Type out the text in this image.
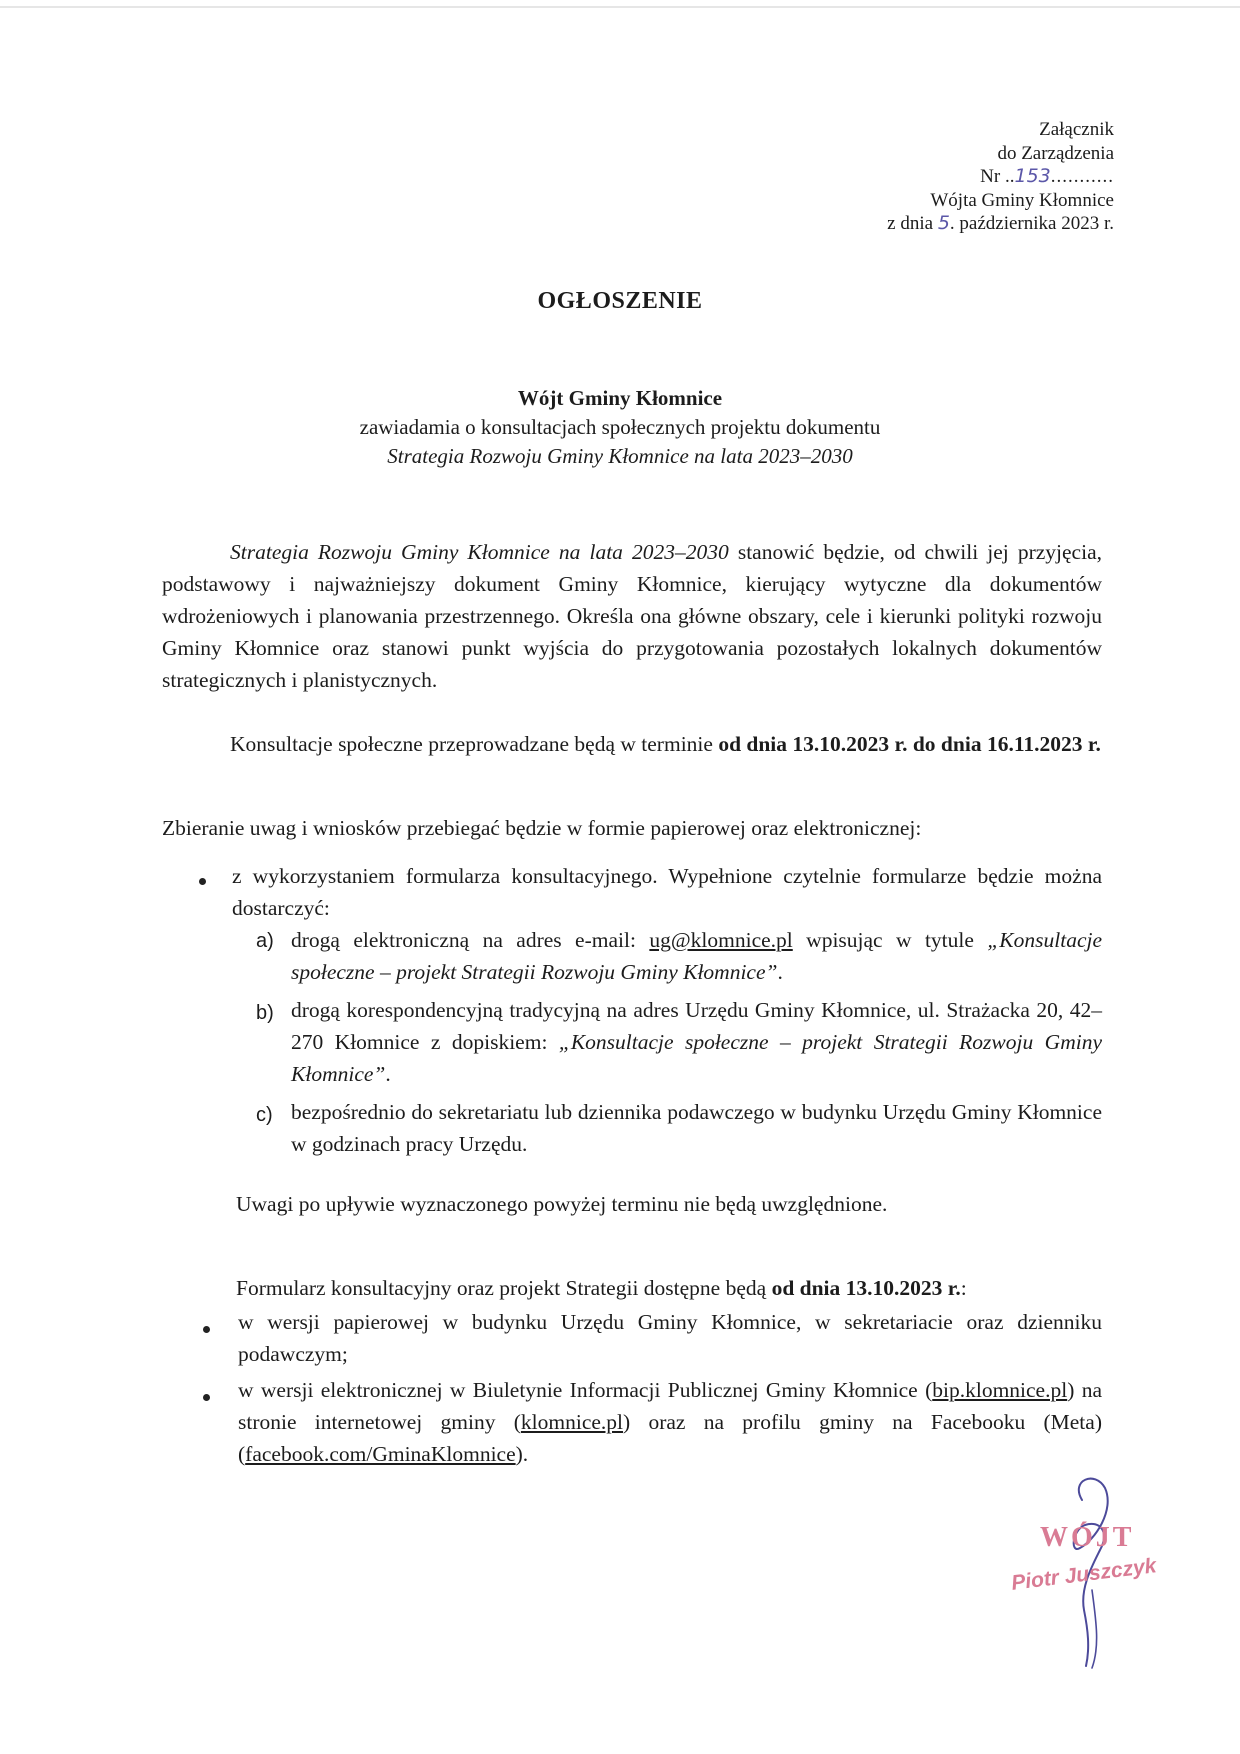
Załącznik
do Zarządzenia
Nr ..153...........
Wójta Gminy Kłomnice
z dnia 5. października 2023 r.
OGŁOSZENIE
Wójt Gminy Kłomnice
zawiadamia o konsultacjach społecznych projektu dokumentu
Strategia Rozwoju Gminy Kłomnice na lata 2023–2030
Strategia Rozwoju Gminy Kłomnice na lata 2023–2030 stanowić będzie, od chwili jej przyjęcia, podstawowy i najważniejszy dokument Gminy Kłomnice, kierujący wytyczne dla dokumentów wdrożeniowych i planowania przestrzennego. Określa ona główne obszary, cele i kierunki polityki rozwoju Gminy Kłomnice oraz stanowi punkt wyjścia do przygotowania pozostałych lokalnych dokumentów strategicznych i planistycznych.
Konsultacje społeczne przeprowadzane będą w terminie od dnia 13.10.2023 r. do dnia 16.11.2023 r.
Zbieranie uwag i wniosków przebiegać będzie w formie papierowej oraz elektronicznej:
z wykorzystaniem formularza konsultacyjnego. Wypełnione czytelnie formularze będzie można dostarczyć:
a) drogą elektroniczną na adres e-mail: ug@klomnice.pl wpisując w tytule „Konsultacje społeczne – projekt Strategii Rozwoju Gminy Kłomnice”.
b) drogą korespondencyjną tradycyjną na adres Urzędu Gminy Kłomnice, ul. Strażacka 20, 42–270 Kłomnice z dopiskiem: „Konsultacje społeczne – projekt Strategii Rozwoju Gminy Kłomnice”.
c) bezpośrednio do sekretariatu lub dziennika podawczego w budynku Urzędu Gminy Kłomnice w godzinach pracy Urzędu.
Uwagi po upływie wyznaczonego powyżej terminu nie będą uwzględnione.
Formularz konsultacyjny oraz projekt Strategii dostępne będą od dnia 13.10.2023 r.:
w wersji papierowej w budynku Urzędu Gminy Kłomnice, w sekretariacie oraz dzienniku podawczym;
w wersji elektronicznej w Biuletynie Informacji Publicznej Gminy Kłomnice (bip.klomnice.pl) na stronie internetowej gminy (klomnice.pl) oraz na profilu gminy na Facebooku (Meta) (facebook.com/GminaKlomnice).
WÓJT
Piotr Juszczyk
